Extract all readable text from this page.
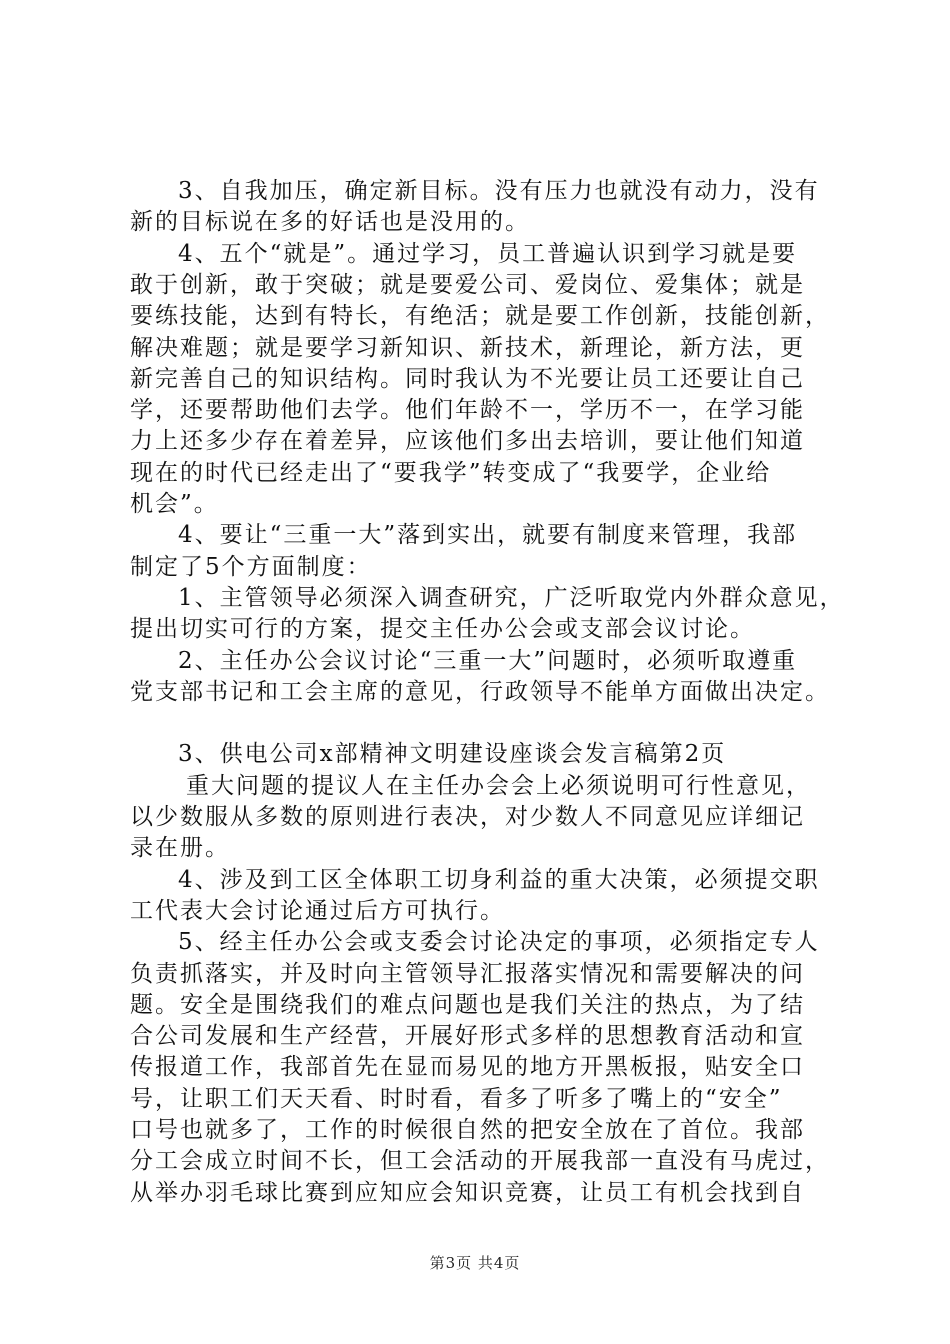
3、自我加压，确定新目标。没有压力也就没有动力，没有
新的目标说在多的好话也是没用的。
4、五个“就是”。通过学习，员工普遍认识到学习就是要
敢于创新，敢于突破；就是要爱公司、爱岗位、爱集体；就是
要练技能，达到有特长，有绝活；就是要工作创新，技能创新，
解决难题；就是要学习新知识、新技术，新理论，新方法，更
新完善自己的知识结构。同时我认为不光要让员工还要让自己
学，还要帮助他们去学。他们年龄不一，学历不一，在学习能
力上还多少存在着差异，应该他们多出去培训，要让他们知道
现在的时代已经走出了“要我学”转变成了“我要学，企业给
机会”。
4、要让“三重一大”落到实出，就要有制度来管理，我部
制定了5个方面制度：
1、主管领导必须深入调查研究，广泛听取党内外群众意见，
提出切实可行的方案，提交主任办公会或支部会议讨论。
2、主任办公会议讨论“三重一大”问题时，必须听取遵重
党支部书记和工会主席的意见，行政领导不能单方面做出决定。
3、供电公司x部精神文明建设座谈会发言稿第2页
重大问题的提议人在主任办会会上必须说明可行性意见，
以少数服从多数的原则进行表决，对少数人不同意见应详细记
录在册。
4、涉及到工区全体职工切身利益的重大决策，必须提交职
工代表大会讨论通过后方可执行。
5、经主任办公会或支委会讨论决定的事项，必须指定专人
负责抓落实，并及时向主管领导汇报落实情况和需要解决的问
题。安全是围绕我们的难点问题也是我们关注的热点，为了结
合公司发展和生产经营，开展好形式多样的思想教育活动和宣
传报道工作，我部首先在显而易见的地方开黑板报，贴安全口
号，让职工们天天看、时时看，看多了听多了嘴上的“安全”
口号也就多了，工作的时候很自然的把安全放在了首位。我部
分工会成立时间不长，但工会活动的开展我部一直没有马虎过，
从举办羽毛球比赛到应知应会知识竞赛，让员工有机会找到自
第3页 共4页
